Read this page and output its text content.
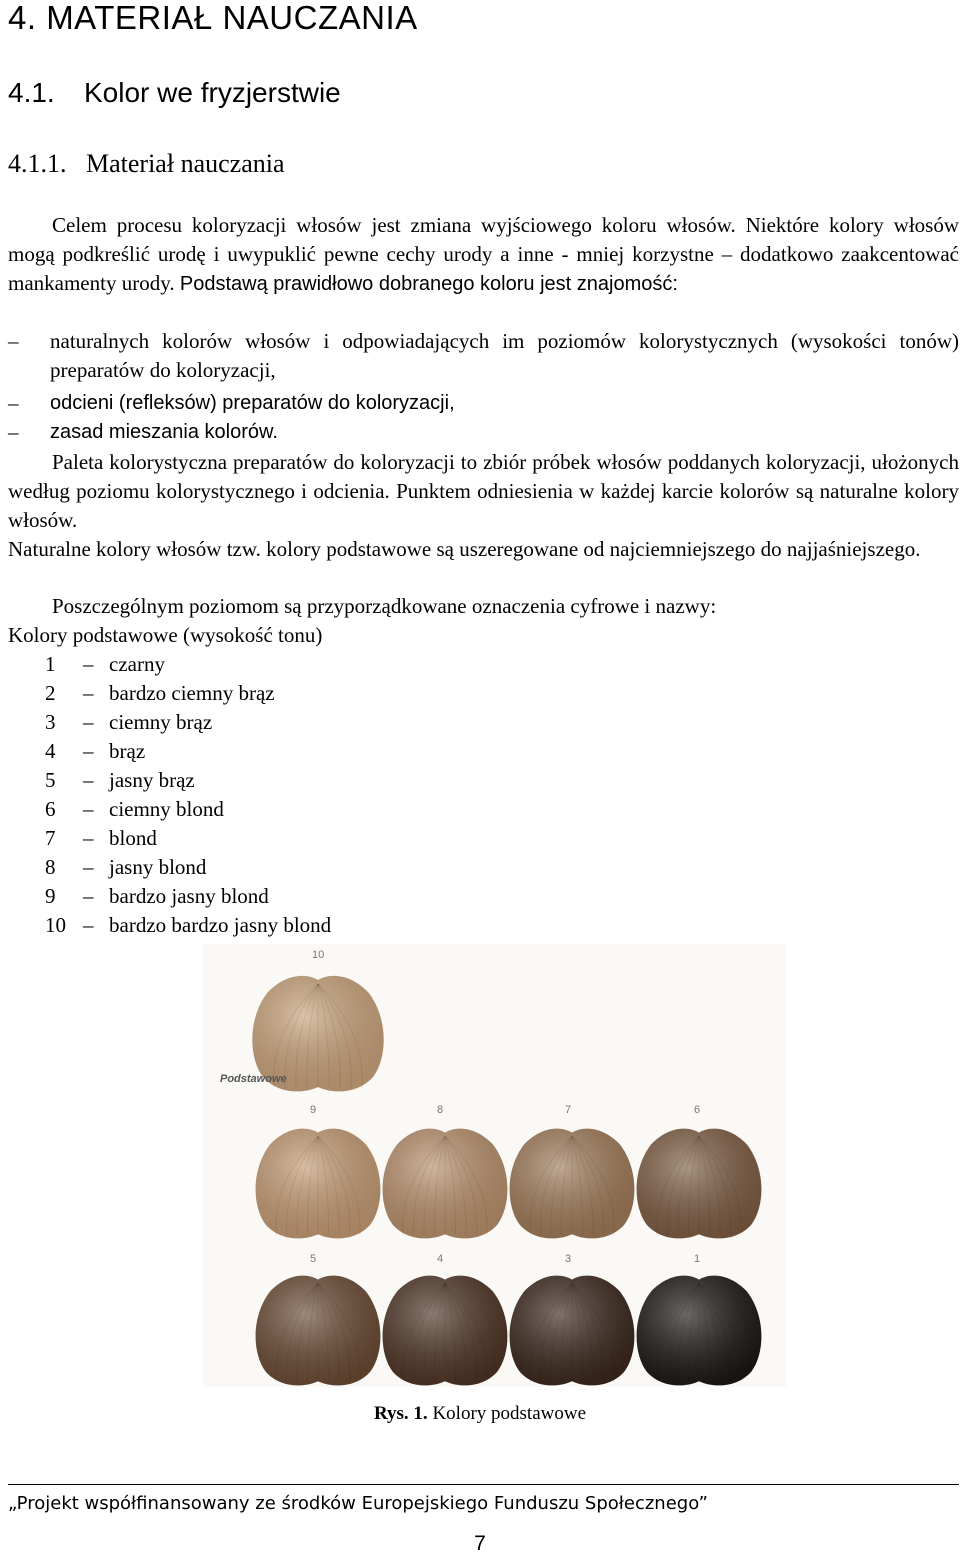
4. MATERIAŁ NAUCZANIA
4.1. Kolor we fryzjerstwie
4.1.1. Materiał nauczania
Celem procesu koloryzacji włosów jest zmiana wyjściowego koloru włosów. Niektóre kolory włosów mogą podkreślić urodę i uwypuklić pewne cechy urody a inne - mniej korzystne – dodatkowo zaakcentować mankamenty urody. Podstawą prawidłowo dobranego koloru jest znajomość:
– naturalnych kolorów włosów i odpowiadających im poziomów kolorystycznych (wysokości tonów) preparatów do koloryzacji,
– odcieni (refleksów) preparatów do koloryzacji,
– zasad mieszania kolorów.
Paleta kolorystyczna preparatów do koloryzacji to zbiór próbek włosów poddanych koloryzacji, ułożonych według poziomu kolorystycznego i odcienia. Punktem odniesienia w każdej karcie kolorów są naturalne kolory włosów.
Naturalne kolory włosów tzw. kolory podstawowe są uszeregowane od najciemniejszego do najjaśniejszego.
Poszczególnym poziomom są przyporządkowane oznaczenia cyfrowe i nazwy:
Kolory podstawowe (wysokość tonu)
1 – czarny
2 – bardzo ciemny brąz
3 – ciemny brąz
4 – brąz
5 – jasny brąz
6 – ciemny blond
7 – blond
8 – jasny blond
9 – bardzo jasny blond
10 – bardzo bardzo jasny blond
10
Podstawowe
9	8	7	6
5	4	3	1
Rys. 1. Kolory podstawowe
„Projekt współfinansowany ze środków Europejskiego Funduszu Społecznego”
7
